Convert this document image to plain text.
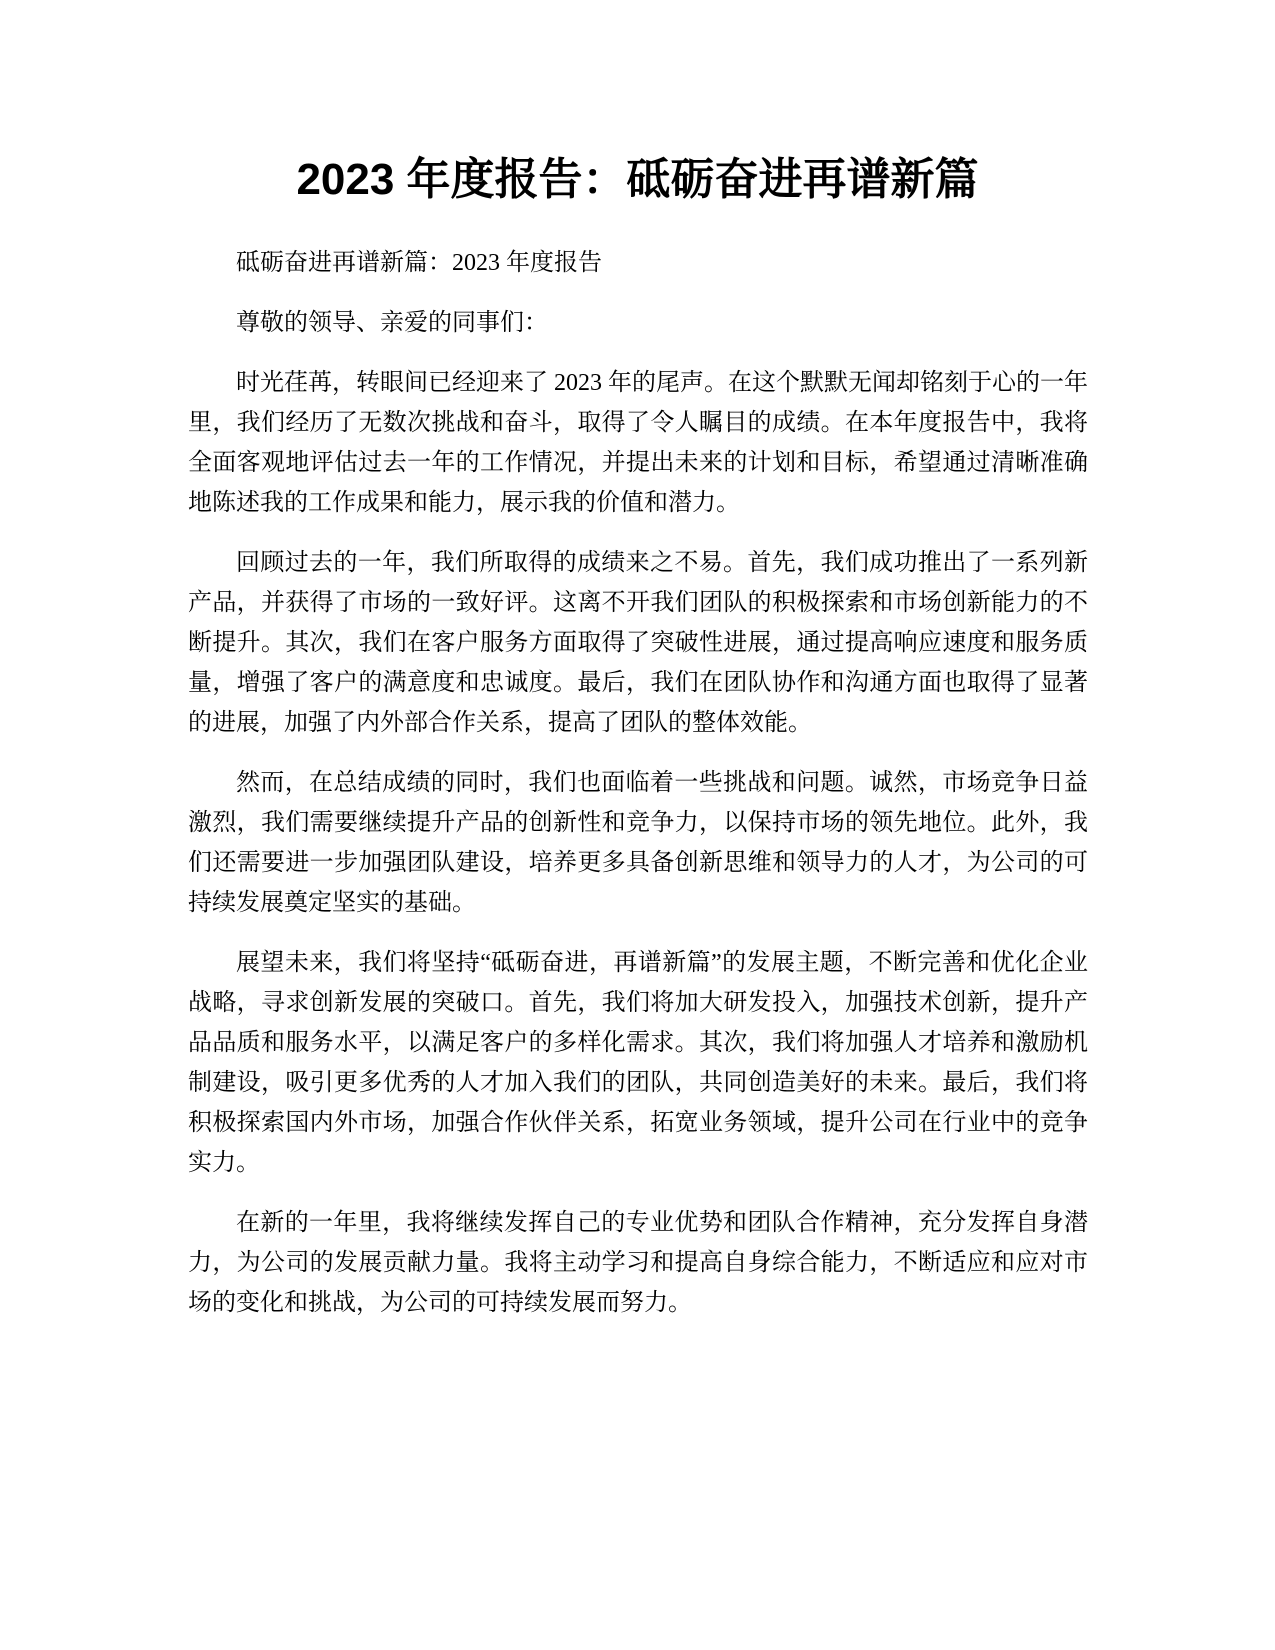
2023 年度报告：砥砺奋进再谱新篇

砥砺奋进再谱新篇：2023 年度报告

尊敬的领导、亲爱的同事们：

时光荏苒，转眼间已经迎来了 2023 年的尾声。在这个默默无闻却铭刻于心的一年里，我们经历了无数次挑战和奋斗，取得了令人瞩目的成绩。在本年度报告中，我将全面客观地评估过去一年的工作情况，并提出未来的计划和目标，希望通过清晰准确地陈述我的工作成果和能力，展示我的价值和潜力。

回顾过去的一年，我们所取得的成绩来之不易。首先，我们成功推出了一系列新产品，并获得了市场的一致好评。这离不开我们团队的积极探索和市场创新能力的不断提升。其次，我们在客户服务方面取得了突破性进展，通过提高响应速度和服务质量，增强了客户的满意度和忠诚度。最后，我们在团队协作和沟通方面也取得了显著的进展，加强了内外部合作关系，提高了团队的整体效能。

然而，在总结成绩的同时，我们也面临着一些挑战和问题。诚然，市场竞争日益激烈，我们需要继续提升产品的创新性和竞争力，以保持市场的领先地位。此外，我们还需要进一步加强团队建设，培养更多具备创新思维和领导力的人才，为公司的可持续发展奠定坚实的基础。

展望未来，我们将坚持“砥砺奋进，再谱新篇”的发展主题，不断完善和优化企业战略，寻求创新发展的突破口。首先，我们将加大研发投入，加强技术创新，提升产品品质和服务水平，以满足客户的多样化需求。其次，我们将加强人才培养和激励机制建设，吸引更多优秀的人才加入我们的团队，共同创造美好的未来。最后，我们将积极探索国内外市场，加强合作伙伴关系，拓宽业务领域，提升公司在行业中的竞争实力。

在新的一年里，我将继续发挥自己的专业优势和团队合作精神，充分发挥自身潜力，为公司的发展贡献力量。我将主动学习和提高自身综合能力，不断适应和应对市场的变化和挑战，为公司的可持续发展而努力。
